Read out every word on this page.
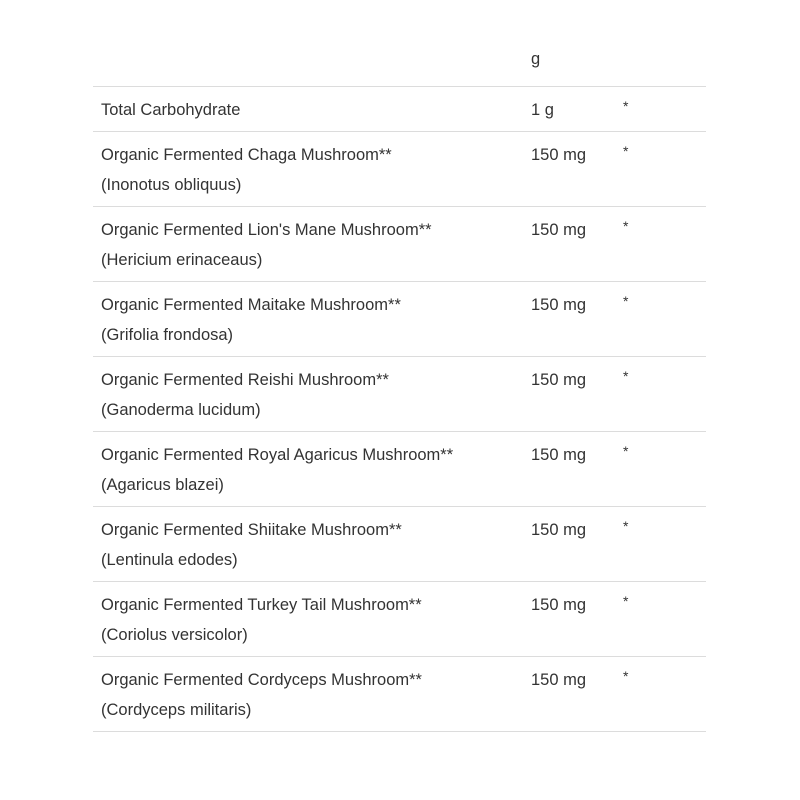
g
Total Carbohydrate	1 g	*
Organic Fermented Chaga Mushroom**
(Inonotus obliquus)
150 mg	*
Organic Fermented Lion's Mane Mushroom**
(Hericium erinaceaus)
150 mg	*
Organic Fermented Maitake Mushroom**
(Grifolia frondosa)
150 mg	*
Organic Fermented Reishi Mushroom**
(Ganoderma lucidum)
150 mg	*
Organic Fermented Royal Agaricus Mushroom**
(Agaricus blazei)
150 mg	*
Organic Fermented Shiitake Mushroom**
(Lentinula edodes)
150 mg	*
Organic Fermented Turkey Tail Mushroom**
(Coriolus versicolor)
150 mg	*
Organic Fermented Cordyceps Mushroom**
(Cordyceps militaris)
150 mg	*
